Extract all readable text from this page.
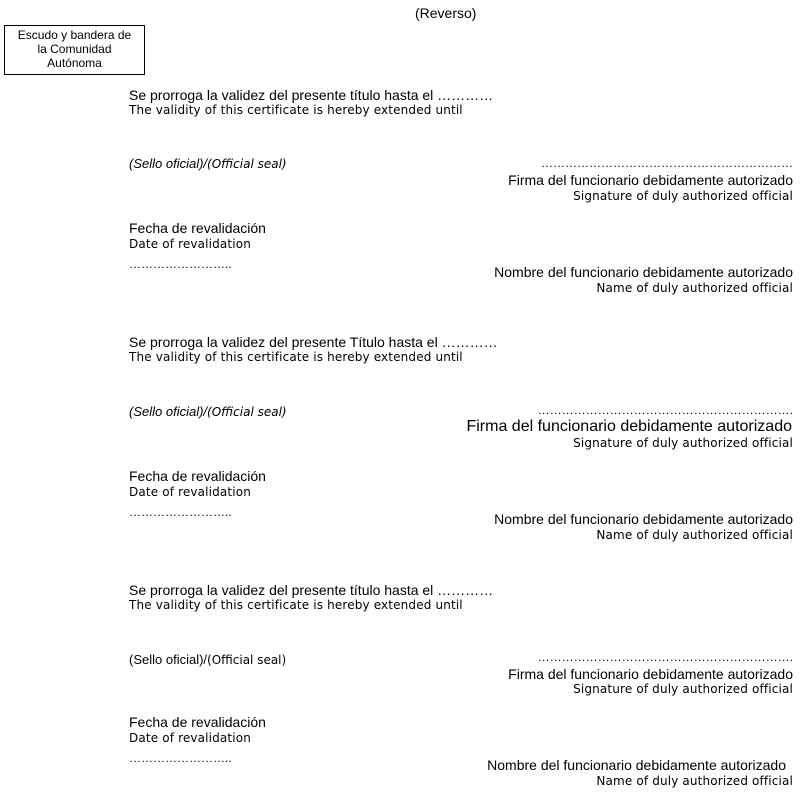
(Reverso)
Escudo y bandera de
la Comunidad
Autónoma
Se prorroga la validez del presente título hasta el …………
The validity of this certificate is hereby extended until
(Sello oficial)/(Official seal)	………………………………………………………
Firma del funcionario debidamente autorizado
Signature of duly authorized official
Fecha de revalidación
Date of revalidation
……………………..	Nombre del funcionario debidamente autorizado
Name of duly authorized official
Se prorroga la validez del presente Título hasta el …………
The validity of this certificate is hereby extended until
(Sello oficial)/(Official seal)	……………………………………………………….
Firma del funcionario debidamente autorizado
Signature of duly authorized official
Fecha de revalidación
Date of revalidation
……………………..	Nombre del funcionario debidamente autorizado
Name of duly authorized official
Se prorroga la validez del presente título hasta el …………
The validity of this certificate is hereby extended until
(Sello oficial)/(Official seal)	……………………………………………………….
Firma del funcionario debidamente autorizado
Signature of duly authorized official
Fecha de revalidación
Date of revalidation
……………………..	Nombre del funcionario debidamente autorizado
Name of duly authorized official
